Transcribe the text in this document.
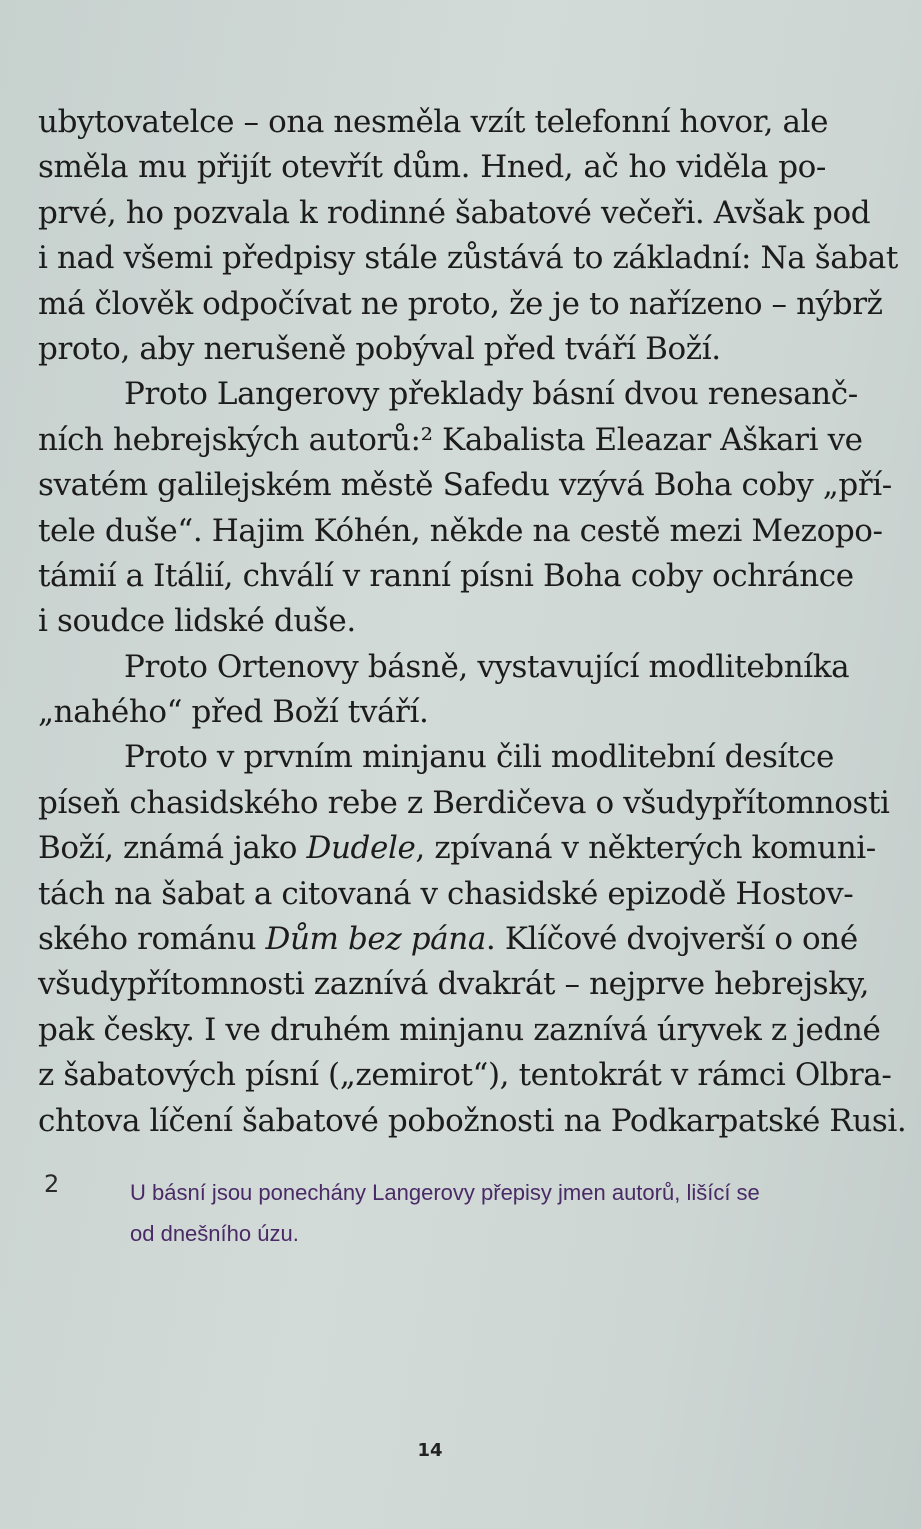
ubytovatelce – ona nesměla vzít telefonní hovor, ale
směla mu přijít otevřít dům. Hned, ač ho viděla po-
prvé, ho pozvala k rodinné šabatové večeři. Avšak pod
i nad všemi předpisy stále zůstává to základní: Na šabat
má člověk odpočívat ne proto, že je to nařízeno – nýbrž
proto, aby nerušeně pobýval před tváří Boží.
Proto Langerovy překlady básní dvou renesanč-
ních hebrejských autorů:² Kabalista Eleazar Aškari ve
svatém galilejském městě Safedu vzývá Boha coby „pří-
tele duše“. Hajim Kóhén, někde na cestě mezi Mezopo-
támií a Itálií, chválí v ranní písni Boha coby ochránce
i soudce lidské duše.
Proto Ortenovy básně, vystavující modlitebníka
„nahého“ před Boží tváří.
Proto v prvním minjanu čili modlitební desítce
píseň chasidského rebe z Berdičeva o všudypřítomnosti
Boží, známá jako Dudele, zpívaná v některých komuni-
tách na šabat a citovaná v chasidské epizodě Hostov-
ského románu Dům bez pána. Klíčové dvojverší o oné
všudypřítomnosti zaznívá dvakrát – nejprve hebrejsky,
pak česky. I ve druhém minjanu zaznívá úryvek z jedné
z šabatových písní („zemirot“), tentokrát v rámci Olbra-
chtova líčení šabatové pobožnosti na Podkarpatské Rusi.
2	U básní jsou ponechány Langerovy přepisy jmen autorů, lišící se
od dnešního úzu.
14
